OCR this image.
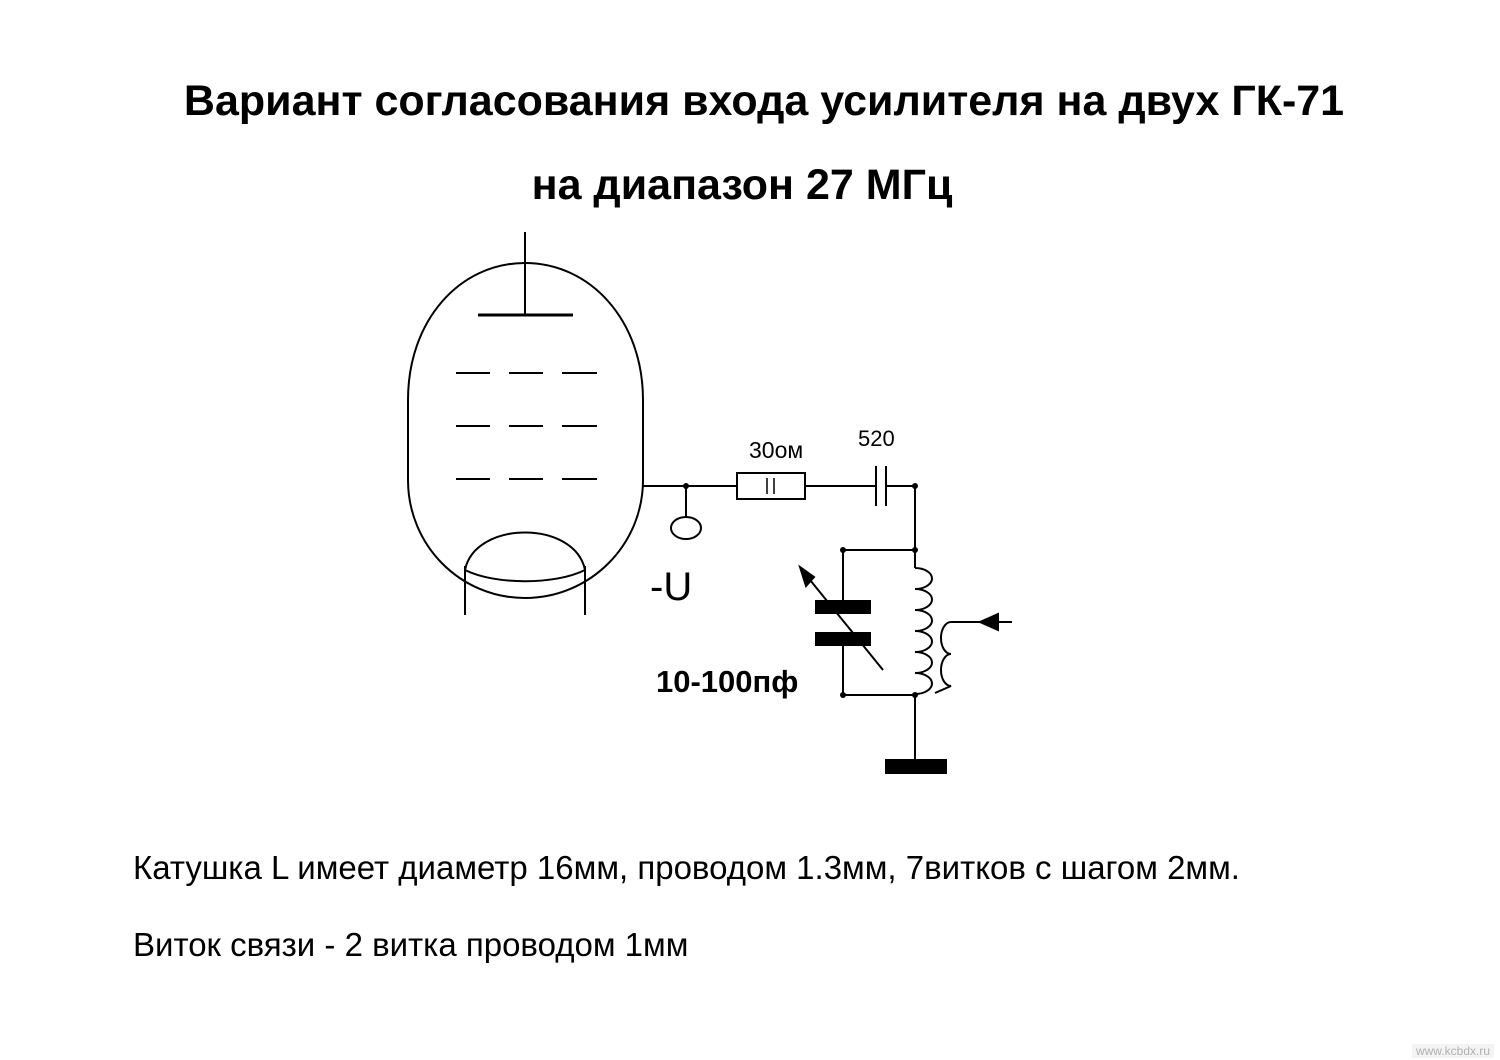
Вариант согласования входа усилителя на двух ГК-71
на диапазон 27 МГц
30ом 520
-U
10-100пф

Катушка L имеет диаметр 16мм, проводом 1.3мм, 7витков с шагом 2мм.

Виток связи - 2 витка проводом 1мм

www.kcbdx.ru
